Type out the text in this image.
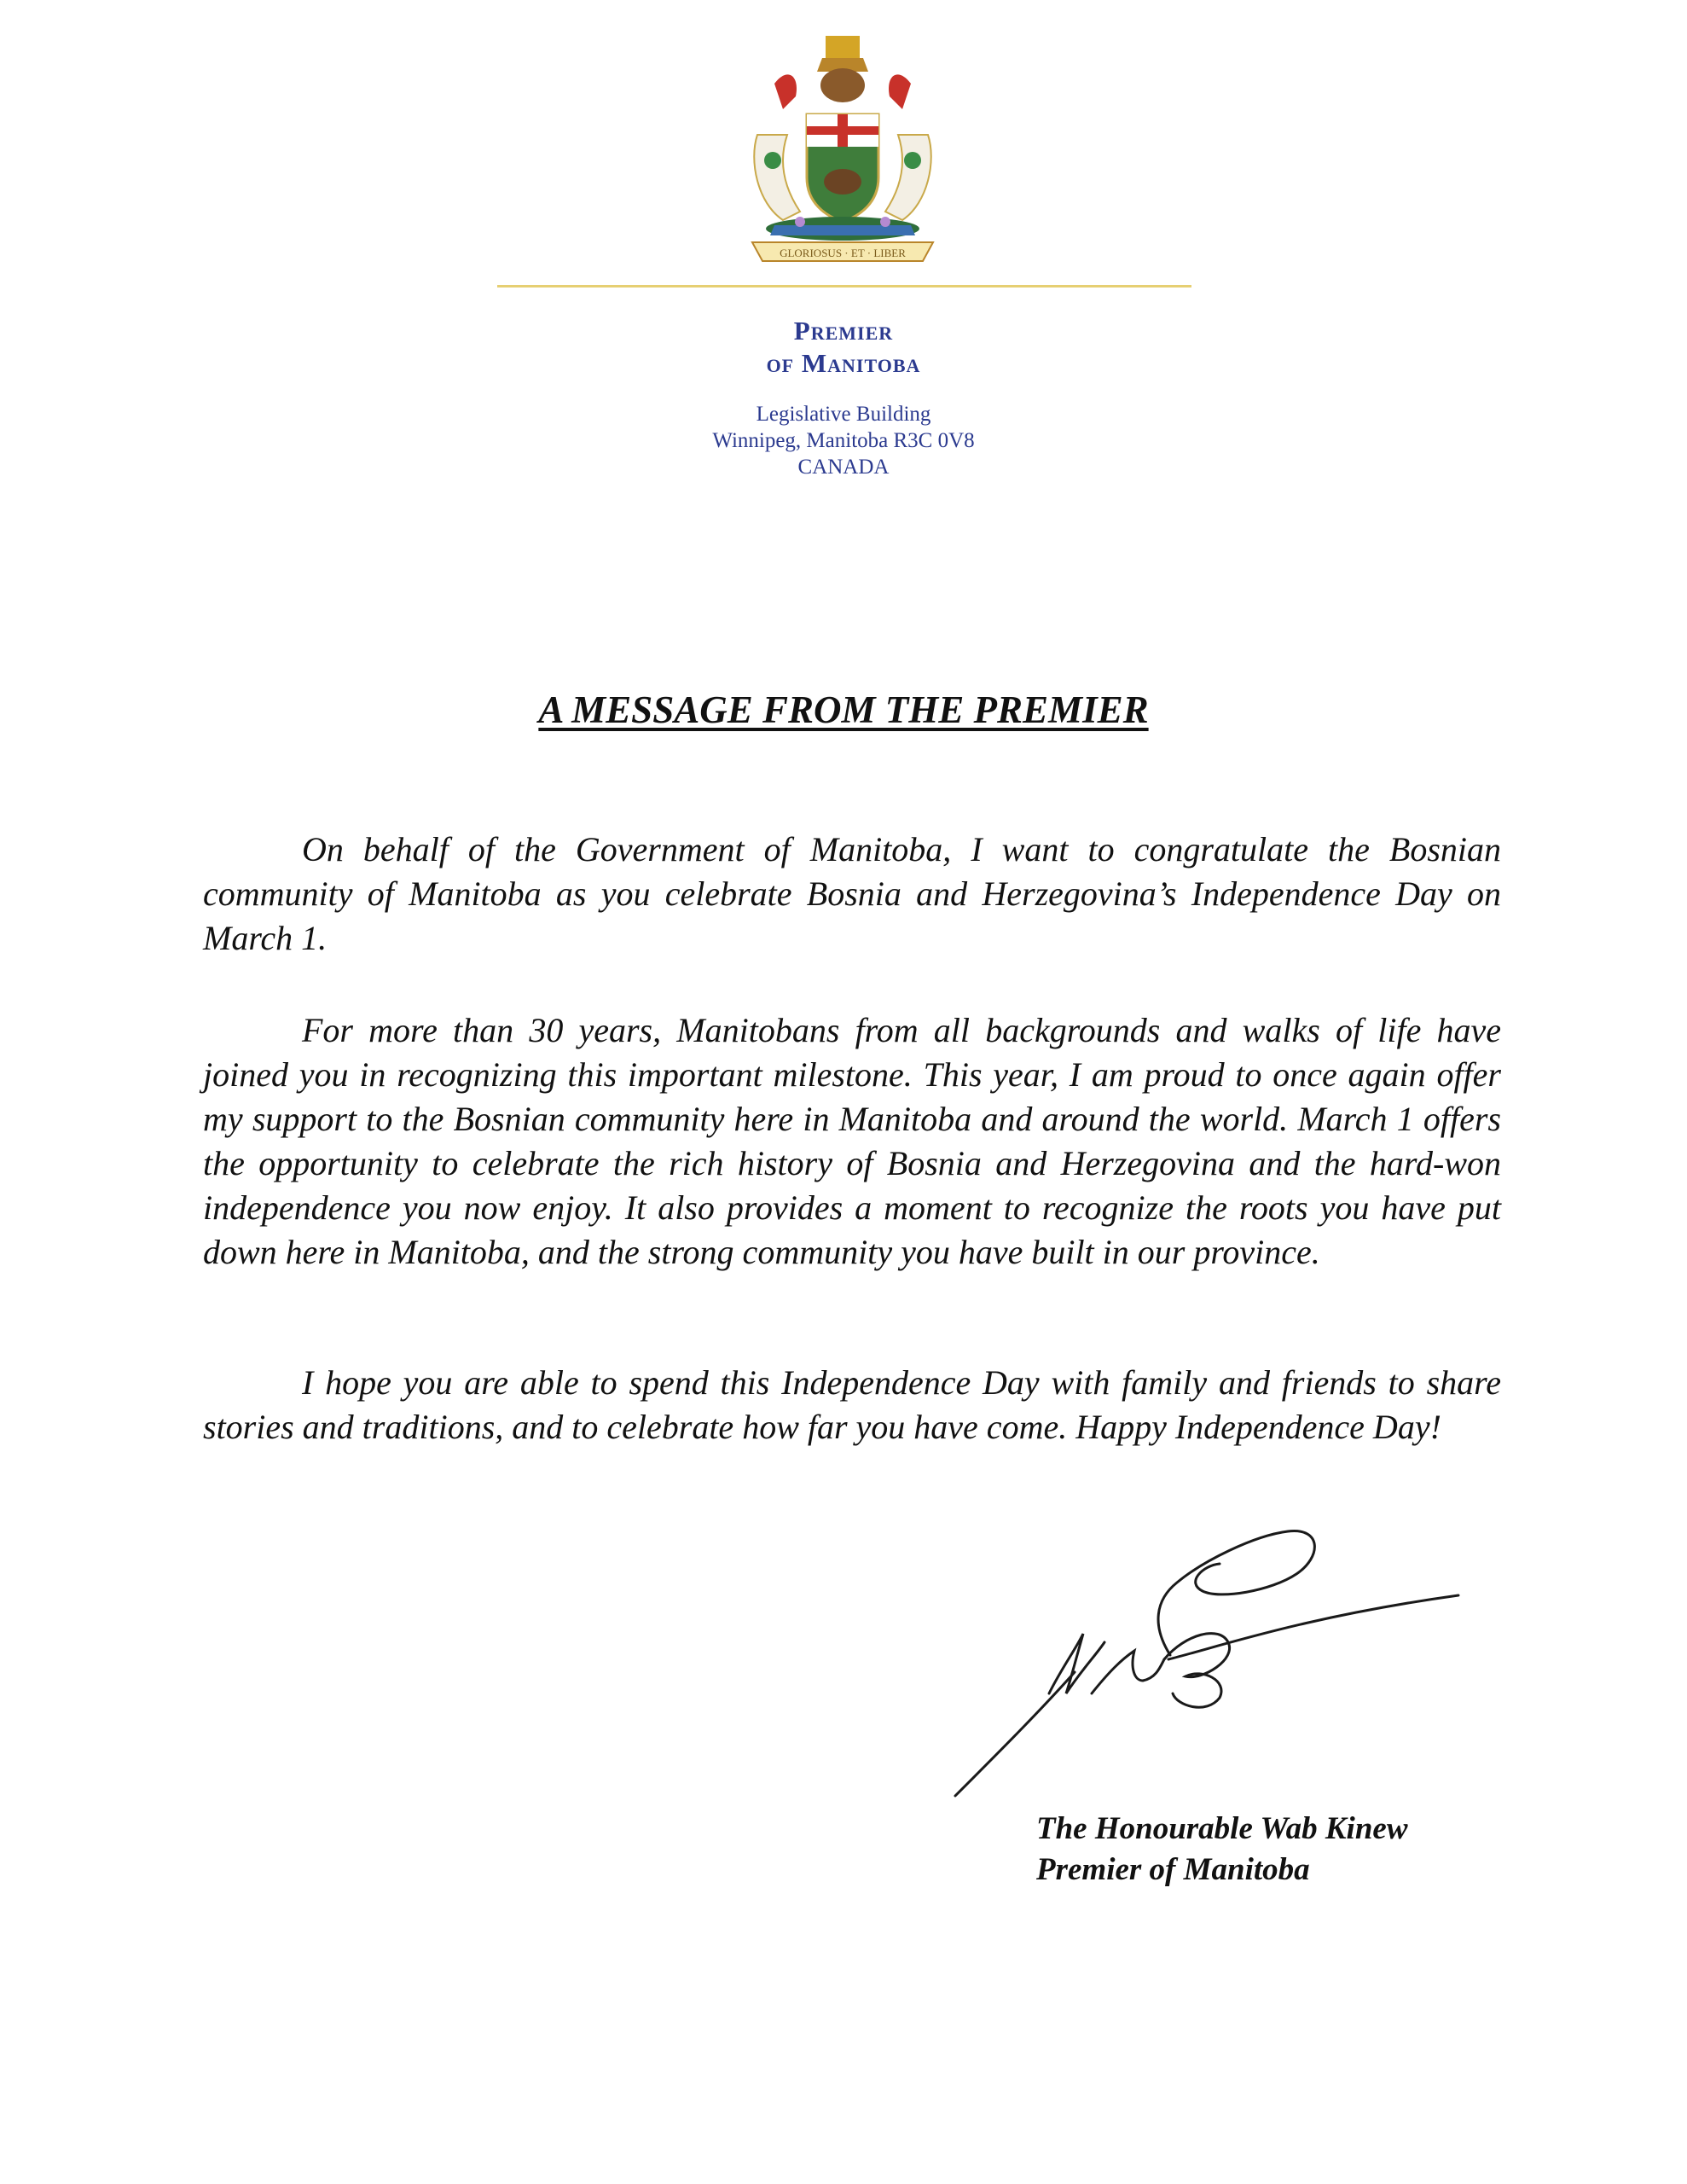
GLORIOSUS · ET · LIBER
Premier
of Manitoba
Legislative Building
Winnipeg, Manitoba R3C 0V8
CANADA
A MESSAGE FROM THE PREMIER

On behalf of the Government of Manitoba, I want to congratulate the Bosnian community of Manitoba as you celebrate Bosnia and Herzegovina’s Independence Day on March 1.

For more than 30 years, Manitobans from all backgrounds and walks of life have joined you in recognizing this important milestone. This year, I am proud to once again offer my support to the Bosnian community here in Manitoba and around the world. March 1 offers the opportunity to celebrate the rich history of Bosnia and Herzegovina and the hard-won independence you now enjoy. It also provides a moment to recognize the roots you have put down here in Manitoba, and the strong community you have built in our province.

I hope you are able to spend this Independence Day with family and friends to share stories and traditions, and to celebrate how far you have come. Happy Independence Day!

The Honourable Wab Kinew
Premier of Manitoba
